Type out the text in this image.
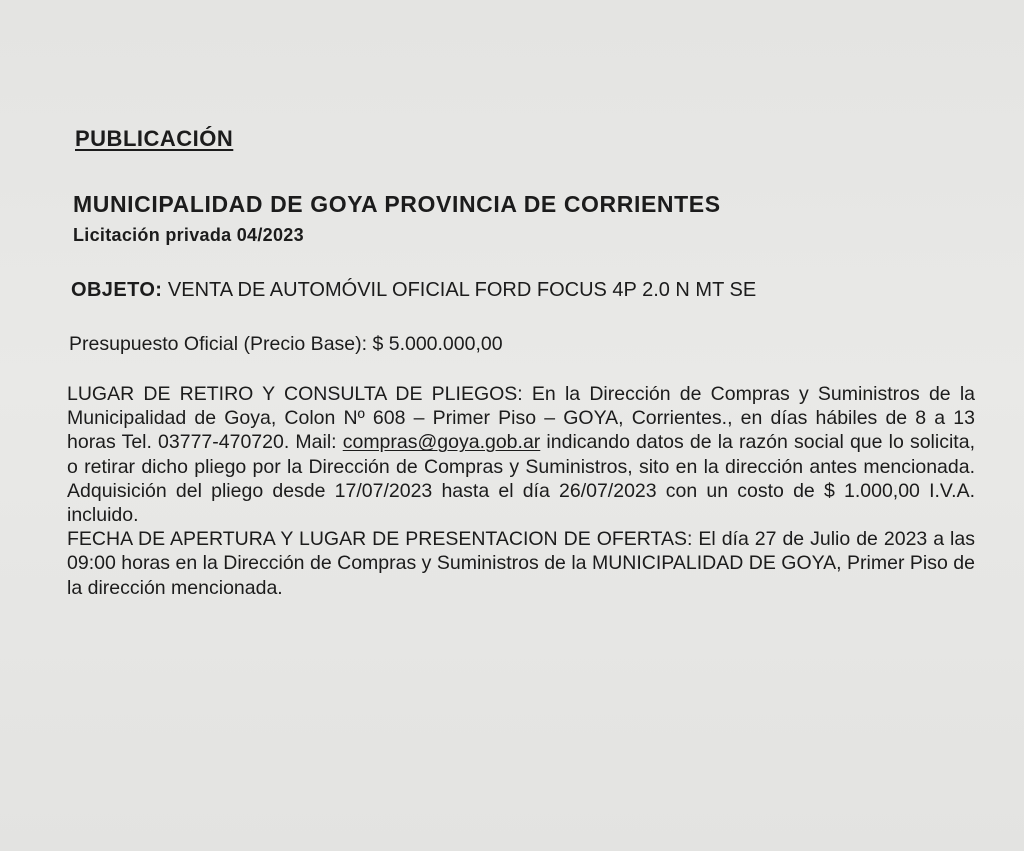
PUBLICACIÓN
MUNICIPALIDAD DE GOYA PROVINCIA DE CORRIENTES
Licitación privada 04/2023
OBJETO: VENTA DE AUTOMÓVIL OFICIAL FORD FOCUS 4P 2.0 N MT SE
Presupuesto Oficial (Precio Base): $ 5.000.000,00

LUGAR DE RETIRO Y CONSULTA DE PLIEGOS: En la Dirección de Compras y Suministros de la Municipalidad de Goya, Colon Nº 608 – Primer Piso – GOYA, Corrientes., en días hábiles de 8 a 13 horas Tel. 03777-470720. Mail: compras@goya.gob.ar indicando datos de la razón social que lo solicita, o retirar dicho pliego por la Dirección de Compras y Suministros, sito en la dirección antes mencionada. Adquisición del pliego desde 17/07/2023 hasta el día 26/07/2023 con un costo de $ 1.000,00 I.V.A. incluido.

FECHA DE APERTURA Y LUGAR DE PRESENTACION DE OFERTAS: El día 27 de Julio de 2023 a las 09:00 horas en la Dirección de Compras y Suministros de la MUNICIPALIDAD DE GOYA, Primer Piso de la dirección mencionada.
